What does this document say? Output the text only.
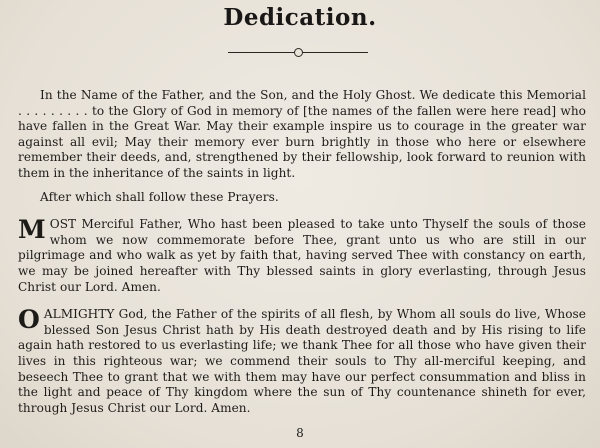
Dedication.

In the Name of the Father, and the Son, and the Holy Ghost. We dedicate this Memorial . . . . . . . . . to the Glory of God in memory of [the names of the fallen were here read] who have fallen in the Great War. May their example inspire us to courage in the greater war against all evil; May their memory ever burn brightly in those who here or elsewhere remember their deeds, and, strengthened by their fellowship, look forward to reunion with them in the inheritance of the saints in light.

After which shall follow these Prayers.

MOST Merciful Father, Who hast been pleased to take unto Thyself the souls of those whom we now commemorate before Thee, grant unto us who are still in our pilgrimage and who walk as yet by faith that, having served Thee with constancy on earth, we may be joined hereafter with Thy blessed saints in glory everlasting, through Jesus Christ our Lord. Amen.

O ALMIGHTY God, the Father of the spirits of all flesh, by Whom all souls do live, Whose blessed Son Jesus Christ hath by His death destroyed death and by His rising to life again hath restored to us everlasting life; we thank Thee for all those who have given their lives in this righteous war; we commend their souls to Thy all-merciful keeping, and beseech Thee to grant that we with them may have our perfect consummation and bliss in the light and peace of Thy kingdom where the sun of Thy countenance shineth for ever, through Jesus Christ our Lord. Amen.

8
